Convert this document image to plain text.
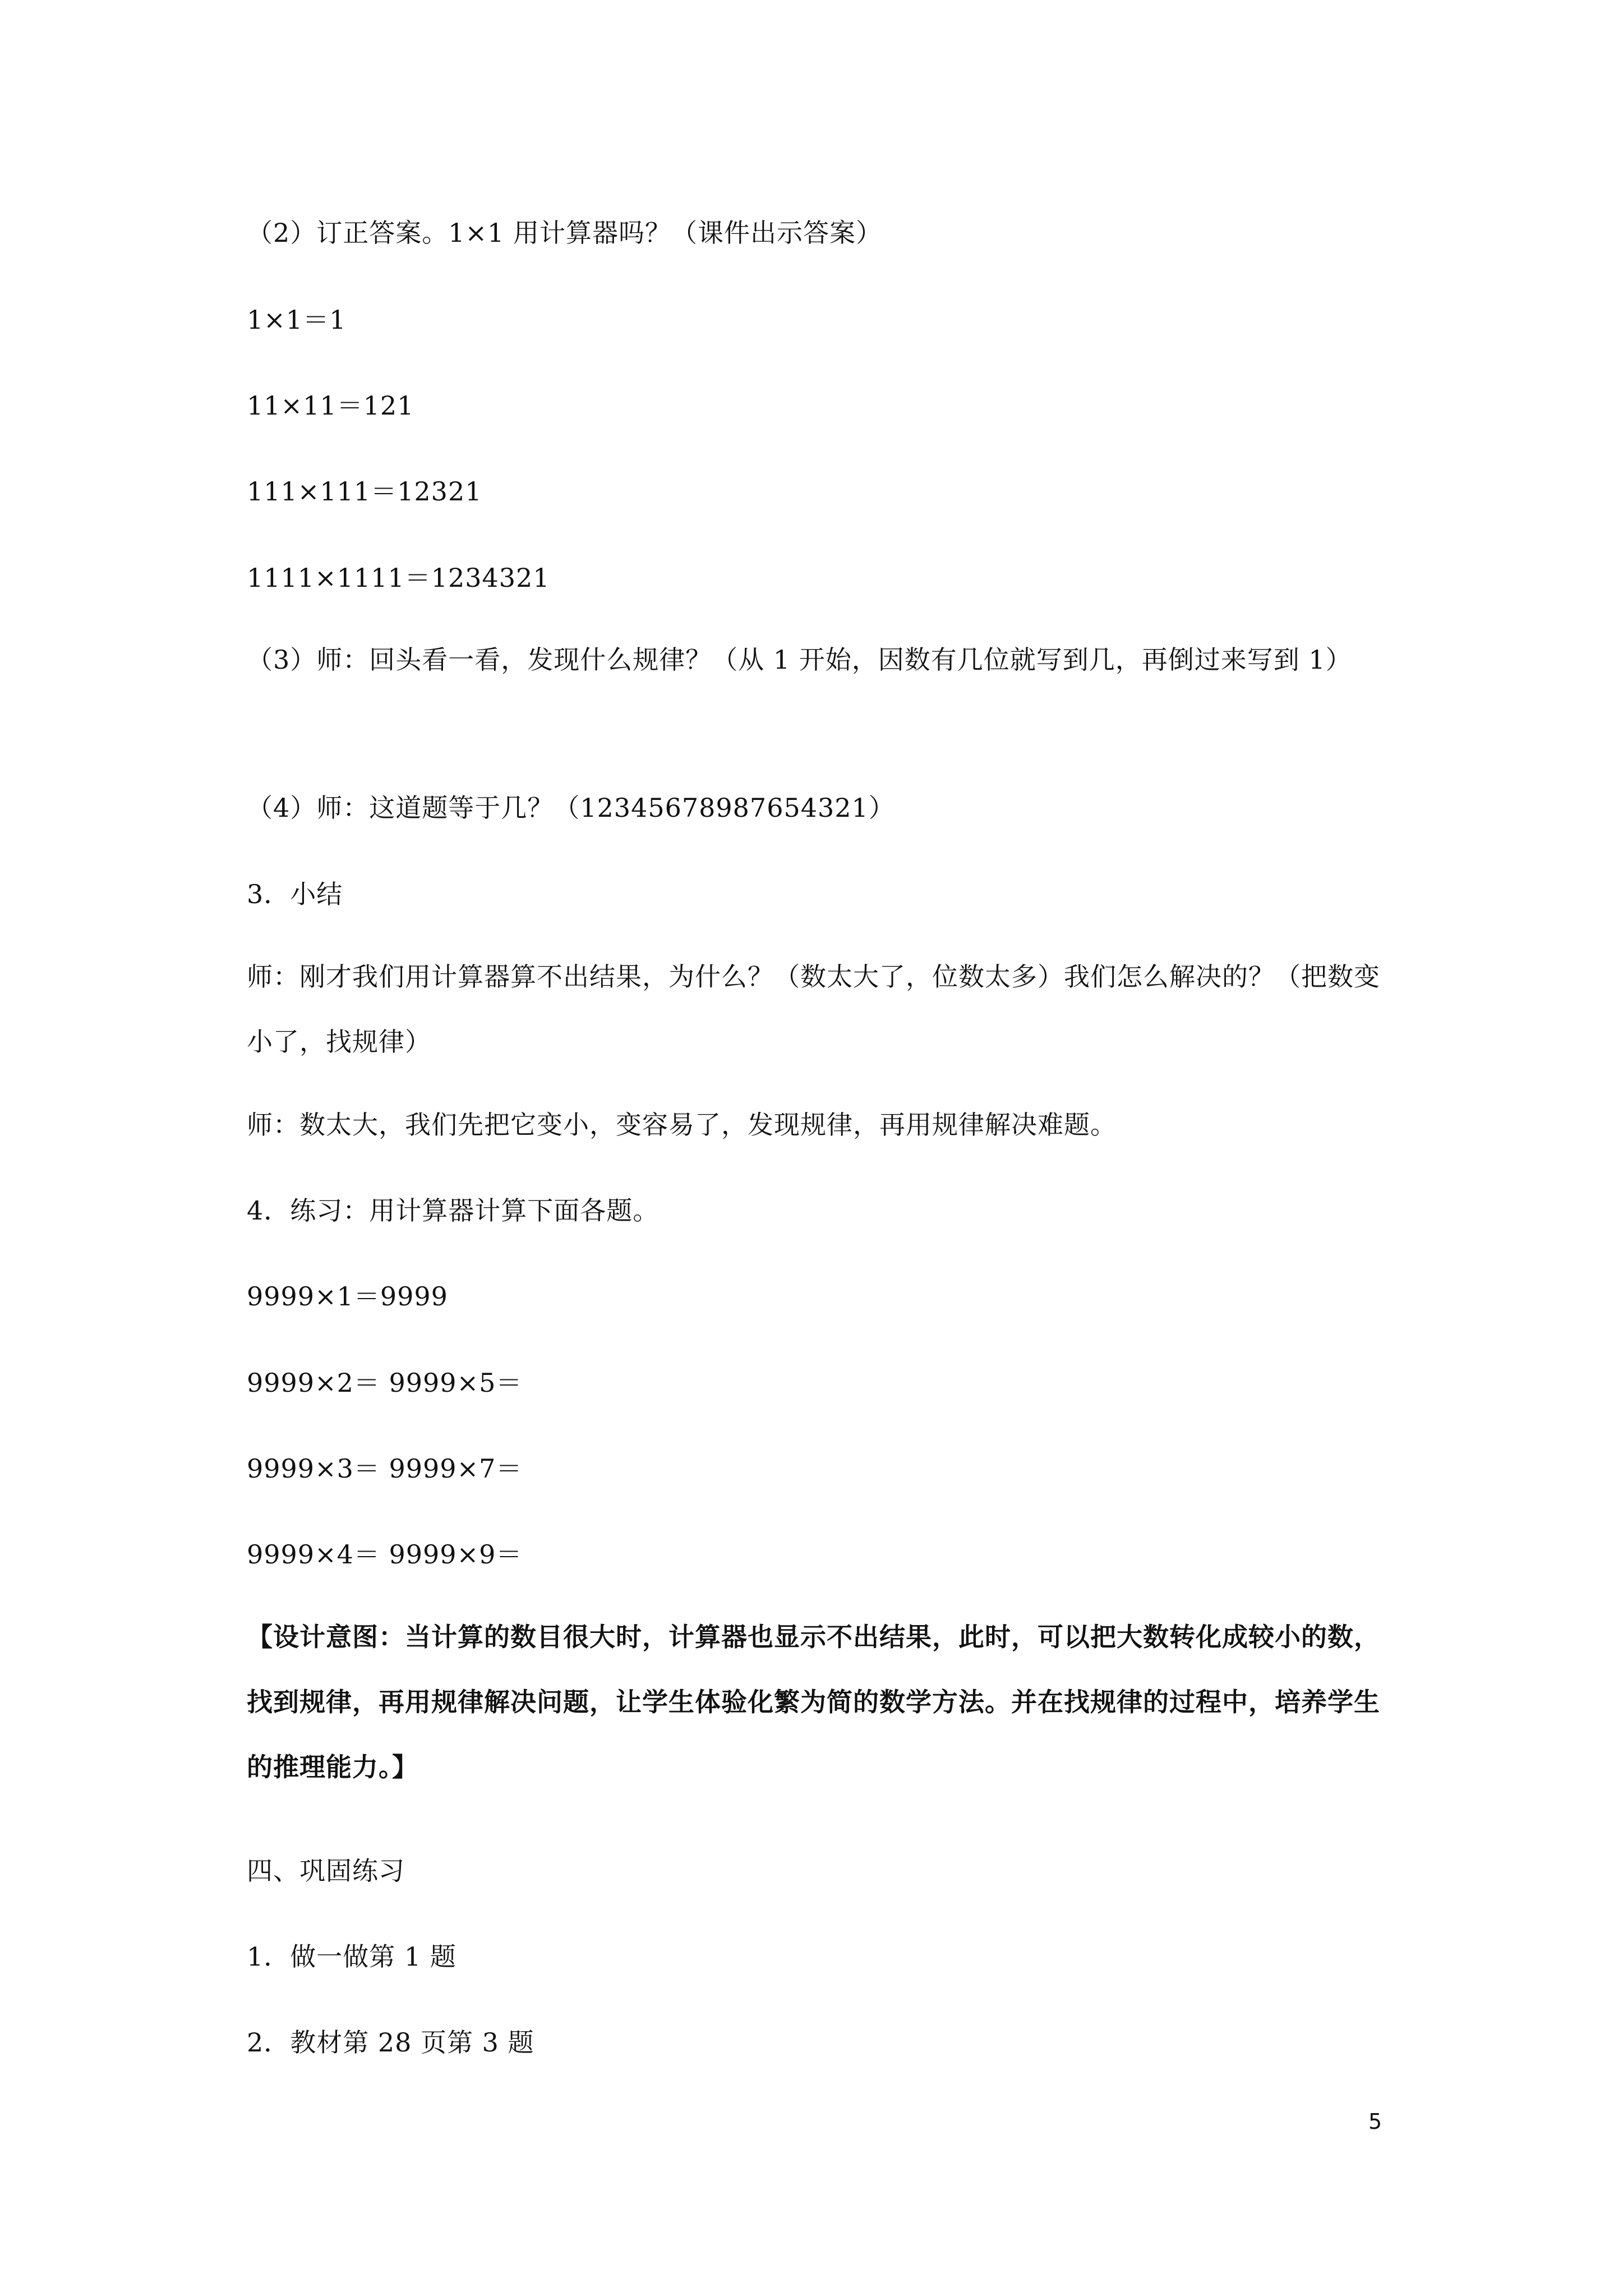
（2）订正答案。1×1 用计算器吗？（课件出示答案）
1×1＝1
11×11＝121
111×111＝12321
1111×1111＝1234321
（3）师：回头看一看，发现什么规律？（从 1 开始，因数有几位就写到几，再倒过来写到 1）
（4）师：这道题等于几？（12345678987654321）
3．小结
师：刚才我们用计算器算不出结果，为什么？（数太大了，位数太多）我们怎么解决的？（把数变小了，找规律）
师：数太大，我们先把它变小，变容易了，发现规律，再用规律解决难题。
4．练习：用计算器计算下面各题。
9999×1＝9999
9999×2＝ 9999×5＝
9999×3＝ 9999×7＝
9999×4＝ 9999×9＝
【设计意图：当计算的数目很大时，计算器也显示不出结果，此时，可以把大数转化成较小的数，找到规律，再用规律解决问题，让学生体验化繁为简的数学方法。并在找规律的过程中，培养学生的推理能力。】
四、巩固练习
1．做一做第 1 题
2．教材第 28 页第 3 题
5
